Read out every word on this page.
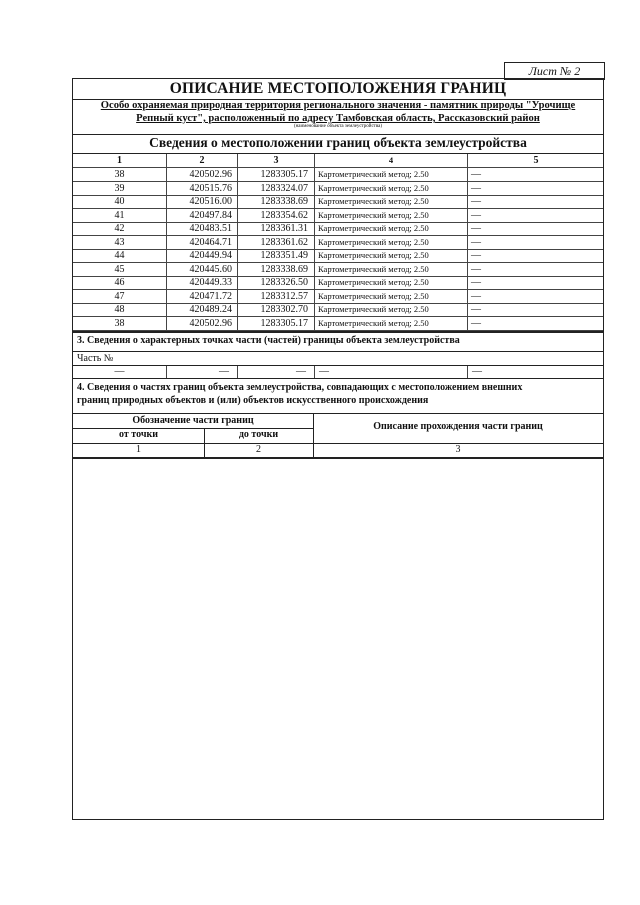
Лист № 2
ОПИСАНИЕ МЕСТОПОЛОЖЕНИЯ ГРАНИЦ
Особо охраняемая природная территория регионального значения - памятник природы "Урочище
Репный куст", расположенный по адресу Тамбовская область, Рассказовский район
(наименование объекта землеустройства)
Сведения о местоположении границ объекта землеустройства
1	2	3	4	5
38	420502.96	1283305.17	Картометрический метод; 2.50	—
39	420515.76	1283324.07	Картометрический метод; 2.50	—
40	420516.00	1283338.69	Картометрический метод; 2.50	—
41	420497.84	1283354.62	Картометрический метод; 2.50	—
42	420483.51	1283361.31	Картометрический метод; 2.50	—
43	420464.71	1283361.62	Картометрический метод; 2.50	—
44	420449.94	1283351.49	Картометрический метод; 2.50	—
45	420445.60	1283338.69	Картометрический метод; 2.50	—
46	420449.33	1283326.50	Картометрический метод; 2.50	—
47	420471.72	1283312.57	Картометрический метод; 2.50	—
48	420489.24	1283302.70	Картометрический метод; 2.50	—
38	420502.96	1283305.17	Картометрический метод; 2.50	—
3. Сведения о характерных точках части (частей) границы объекта землеустройства
Часть №
—	—	—	—	—
4. Сведения о частях границ объекта землеустройства, совпадающих с местоположением внешних
границ природных объектов и (или) объектов искусственного происхождения
Обозначение части границ
от точки	до точки
Описание прохождения части границ
1	2	3
